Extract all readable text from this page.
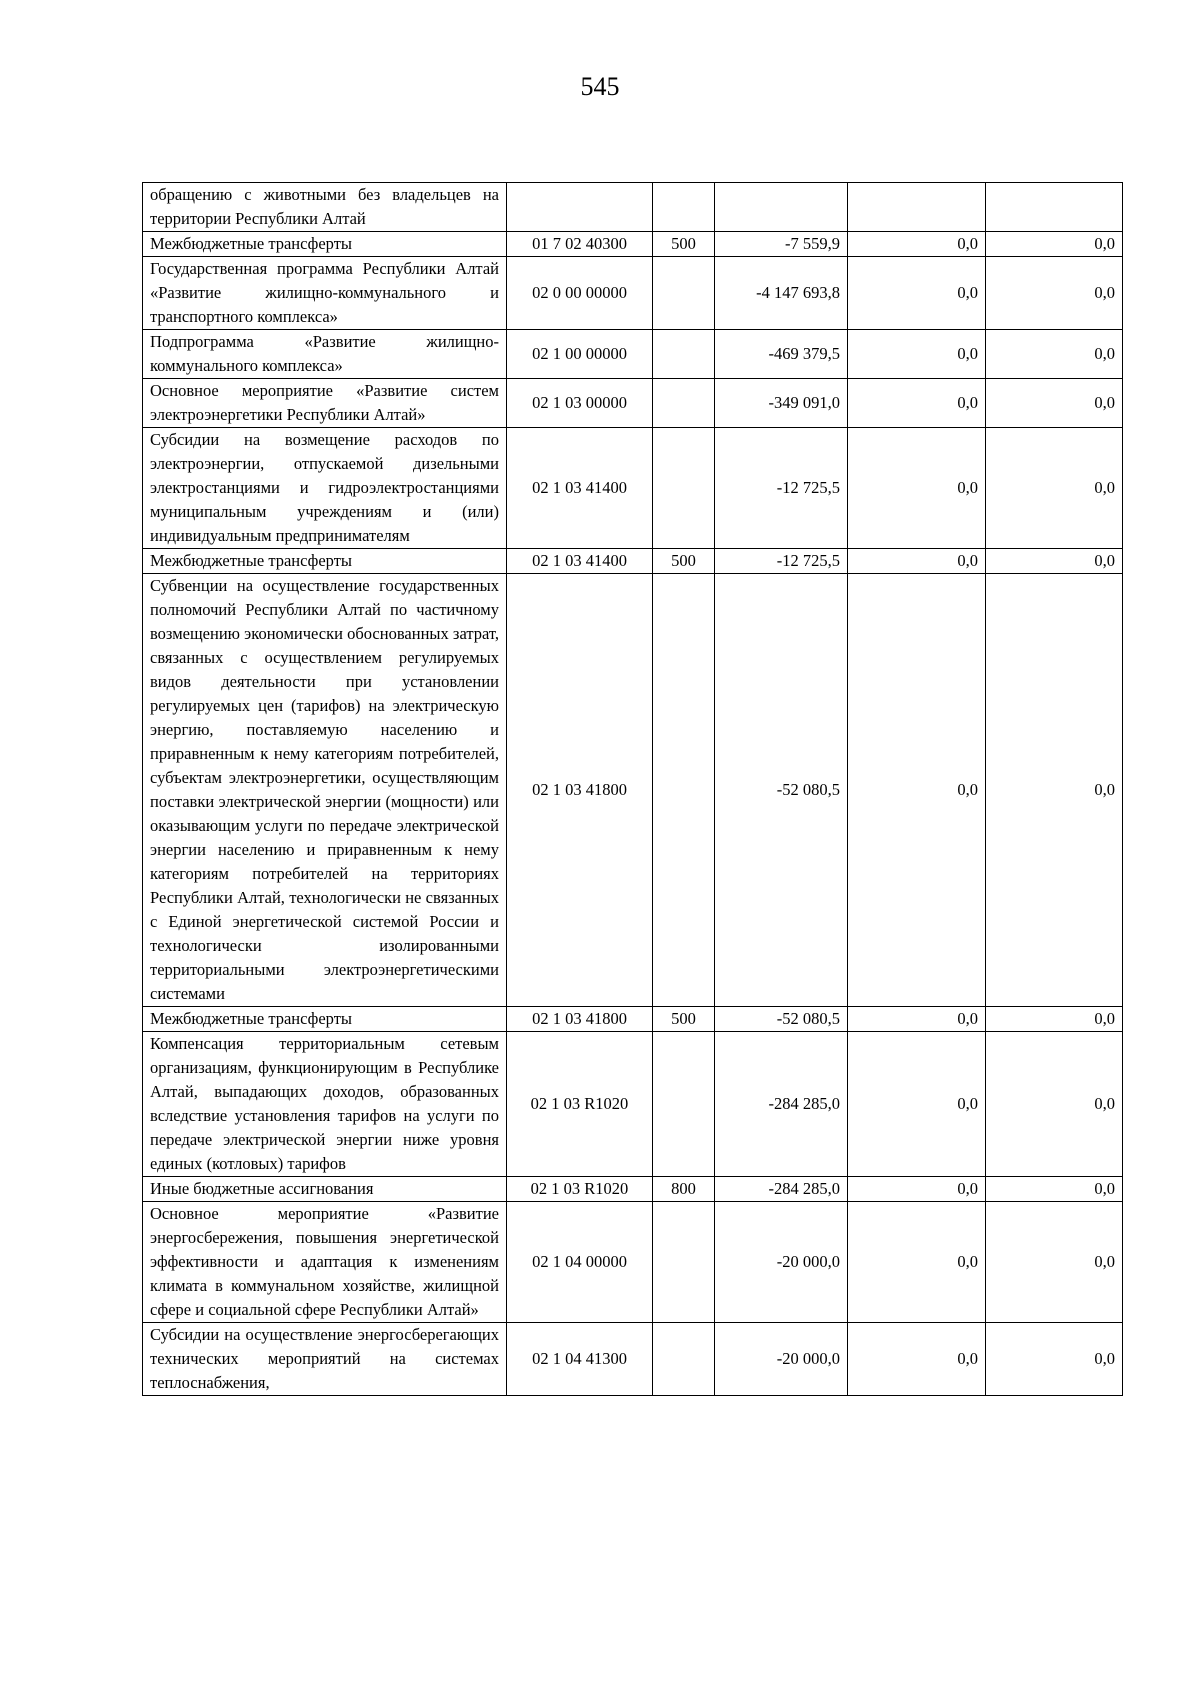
545
обращению с животными без владельцев на территории Республики Алтай					
Межбюджетные трансферты	01 7 02 40300	500	-7 559,9	0,0	0,0
Государственная программа Республики Алтай «Развитие жилищно-коммунального и транспортного комплекса»	02 0 00 00000		-4 147 693,8	0,0	0,0
Подпрограмма «Развитие жилищно-коммунального комплекса»	02 1 00 00000		-469 379,5	0,0	0,0
Основное мероприятие «Развитие систем электроэнергетики Республики Алтай»	02 1 03 00000		-349 091,0	0,0	0,0
Субсидии на возмещение расходов по электроэнергии, отпускаемой дизельными электростанциями и гидроэлектростанциями муниципальным учреждениям и (или) индивидуальным предпринимателям	02 1 03 41400		-12 725,5	0,0	0,0
Межбюджетные трансферты	02 1 03 41400	500	-12 725,5	0,0	0,0
Субвенции на осуществление государственных полномочий Республики Алтай по частичному возмещению экономически обоснованных затрат, связанных с осуществлением регулируемых видов деятельности при установлении регулируемых цен (тарифов) на электрическую энергию, поставляемую населению и приравненным к нему категориям потребителей, субъектам электроэнергетики, осуществляющим поставки электрической энергии (мощности) или оказывающим услуги по передаче электрической энергии населению и приравненным к нему категориям потребителей на территориях Республики Алтай, технологически не связанных с Единой энергетической системой России и технологически изолированными территориальными электроэнергетическими системами	02 1 03 41800		-52 080,5	0,0	0,0
Межбюджетные трансферты	02 1 03 41800	500	-52 080,5	0,0	0,0
Компенсация территориальным сетевым организациям, функционирующим в Республике Алтай, выпадающих доходов, образованных вследствие установления тарифов на услуги по передаче электрической энергии ниже уровня единых (котловых) тарифов	02 1 03 R1020		-284 285,0	0,0	0,0
Иные бюджетные ассигнования	02 1 03 R1020	800	-284 285,0	0,0	0,0
Основное мероприятие «Развитие энергосбережения, повышения энергетической эффективности и адаптация к изменениям климата в коммунальном хозяйстве, жилищной сфере и социальной сфере Республики Алтай»	02 1 04 00000		-20 000,0	0,0	0,0
Субсидии на осуществление энергосберегающих технических мероприятий на системах теплоснабжения,	02 1 04 41300		-20 000,0	0,0	0,0
